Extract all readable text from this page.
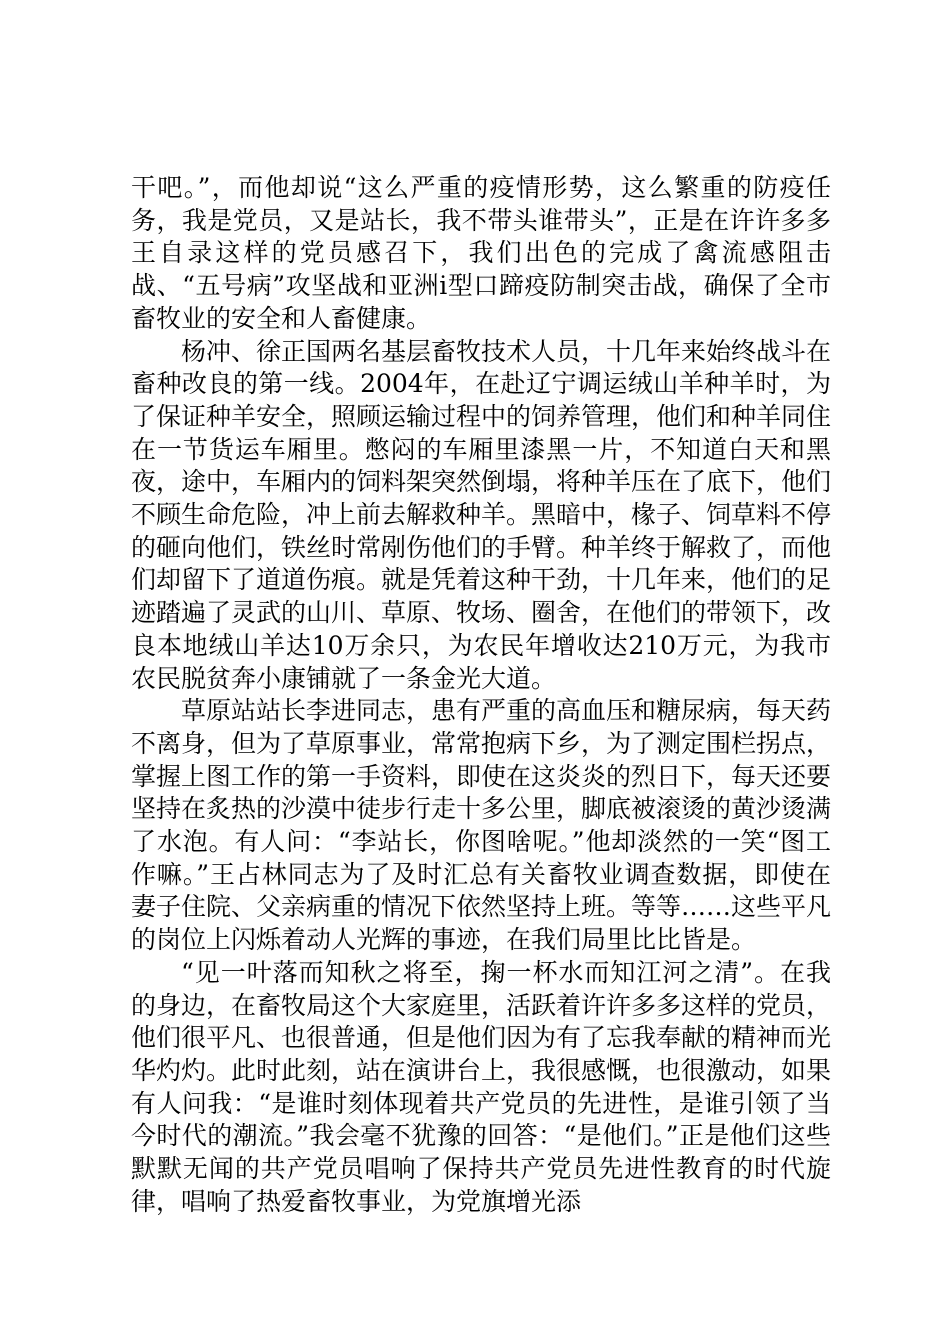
干吧。”，而他却说“这么严重的疫情形势，这么繁重的防疫任务，我是党员，又是站长，我不带头谁带头”，正是在许许多多王自录这样的党员感召下，我们出色的完成了禽流感阻击战、“五号病”攻坚战和亚洲ⅰ型口蹄疫防制突击战，确保了全市畜牧业的安全和人畜健康。

杨冲、徐正国两名基层畜牧技术人员，十几年来始终战斗在畜种改良的第一线。2004年，在赴辽宁调运绒山羊种羊时，为了保证种羊安全，照顾运输过程中的饲养管理，他们和种羊同住在一节货运车厢里。憋闷的车厢里漆黑一片，不知道白天和黑夜，途中，车厢内的饲料架突然倒塌，将种羊压在了底下，他们不顾生命危险，冲上前去解救种羊。黑暗中，椽子、饲草料不停的砸向他们，铁丝时常剐伤他们的手臂。种羊终于解救了，而他们却留下了道道伤痕。就是凭着这种干劲，十几年来，他们的足迹踏遍了灵武的山川、草原、牧场、圈舍，在他们的带领下，改良本地绒山羊达10万余只，为农民年增收达210万元，为我市农民脱贫奔小康铺就了一条金光大道。

草原站站长李进同志，患有严重的高血压和糖尿病，每天药不离身，但为了草原事业，常常抱病下乡，为了测定围栏拐点，掌握上图工作的第一手资料，即使在这炎炎的烈日下，每天还要坚持在炙热的沙漠中徒步行走十多公里，脚底被滚烫的黄沙烫满了水泡。有人问：“李站长，你图啥呢。”他却淡然的一笑“图工作嘛。”王占林同志为了及时汇总有关畜牧业调查数据，即使在妻子住院、父亲病重的情况下依然坚持上班。等等……这些平凡的岗位上闪烁着动人光辉的事迹，在我们局里比比皆是。

“见一叶落而知秋之将至，掬一杯水而知江河之清”。在我的身边，在畜牧局这个大家庭里，活跃着许许多多这样的党员，他们很平凡、也很普通，但是他们因为有了忘我奉献的精神而光华灼灼。此时此刻，站在演讲台上，我很感慨，也很激动，如果有人问我：“是谁时刻体现着共产党员的先进性，是谁引领了当今时代的潮流。”我会毫不犹豫的回答：“是他们。”正是他们这些默默无闻的共产党员唱响了保持共产党员先进性教育的时代旋律，唱响了热爱畜牧事业，为党旗增光添
